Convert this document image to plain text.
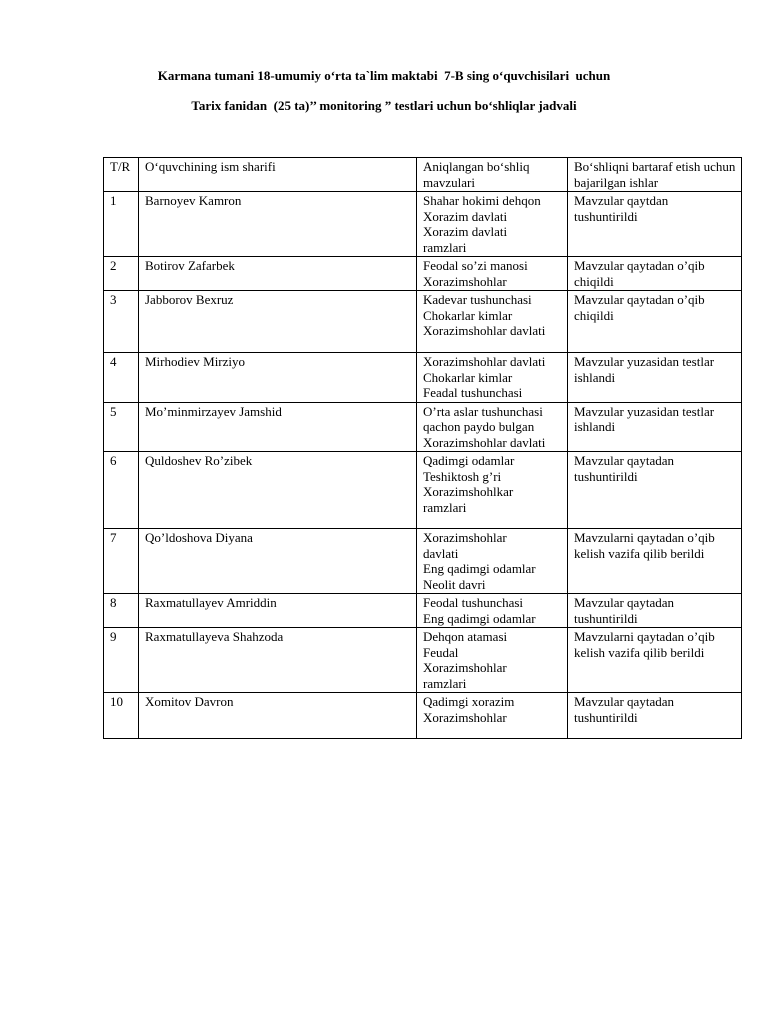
Karmana tumani 18-umumiy o‘rta ta`lim maktabi  7-B sing o‘quvchisilari  uchun
Tarix fanidan  (25 ta)’’ monitoring ” testlari uchun bo‘shliqlar jadvali
T/R	O‘quvchining ism sharifi	Aniqlangan bo‘shliq mavzulari	Bo‘shliqni bartaraf etish uchun bajarilgan ishlar
1	Barnoyev Kamron	Shahar hokimi dehqon
Xorazim davlati
Xorazim davlati
ramzlari	Mavzular qaytdan
tushuntirildi
2	Botirov Zafarbek	Feodal so’zi manosi
Xorazimshohlar	Mavzular qaytadan o’qib
chiqildi
3	Jabborov Bexruz	Kadevar tushunchasi
Chokarlar kimlar
Xorazimshohlar davlati	Mavzular qaytadan o’qib
chiqildi
4	Mirhodiev Mirziyo	Xorazimshohlar davlati
Chokarlar kimlar
Feadal tushunchasi	Mavzular yuzasidan testlar
ishlandi
5	Mo’minmirzayev Jamshid	O’rta aslar tushunchasi
qachon paydo bulgan
Xorazimshohlar davlati	Mavzular yuzasidan testlar
ishlandi
6	Quldoshev Ro’zibek	Qadimgi odamlar
Teshiktosh g’ri
Xorazimshohlkar
ramzlari	Mavzular qaytadan
tushuntirildi
7	Qo’ldoshova Diyana	Xorazimshohlar
davlati
Eng qadimgi odamlar
Neolit davri	Mavzularni qaytadan o’qib
kelish vazifa qilib berildi
8	Raxmatullayev Amriddin	Feodal tushunchasi
Eng qadimgi odamlar	Mavzular qaytadan
tushuntirildi
9	Raxmatullayeva Shahzoda	Dehqon atamasi
Feudal
Xorazimshohlar
ramzlari	Mavzularni qaytadan o’qib
kelish vazifa qilib berildi
10	Xomitov Davron	Qadimgi xorazim
Xorazimshohlar	Mavzular qaytadan
tushuntirildi
